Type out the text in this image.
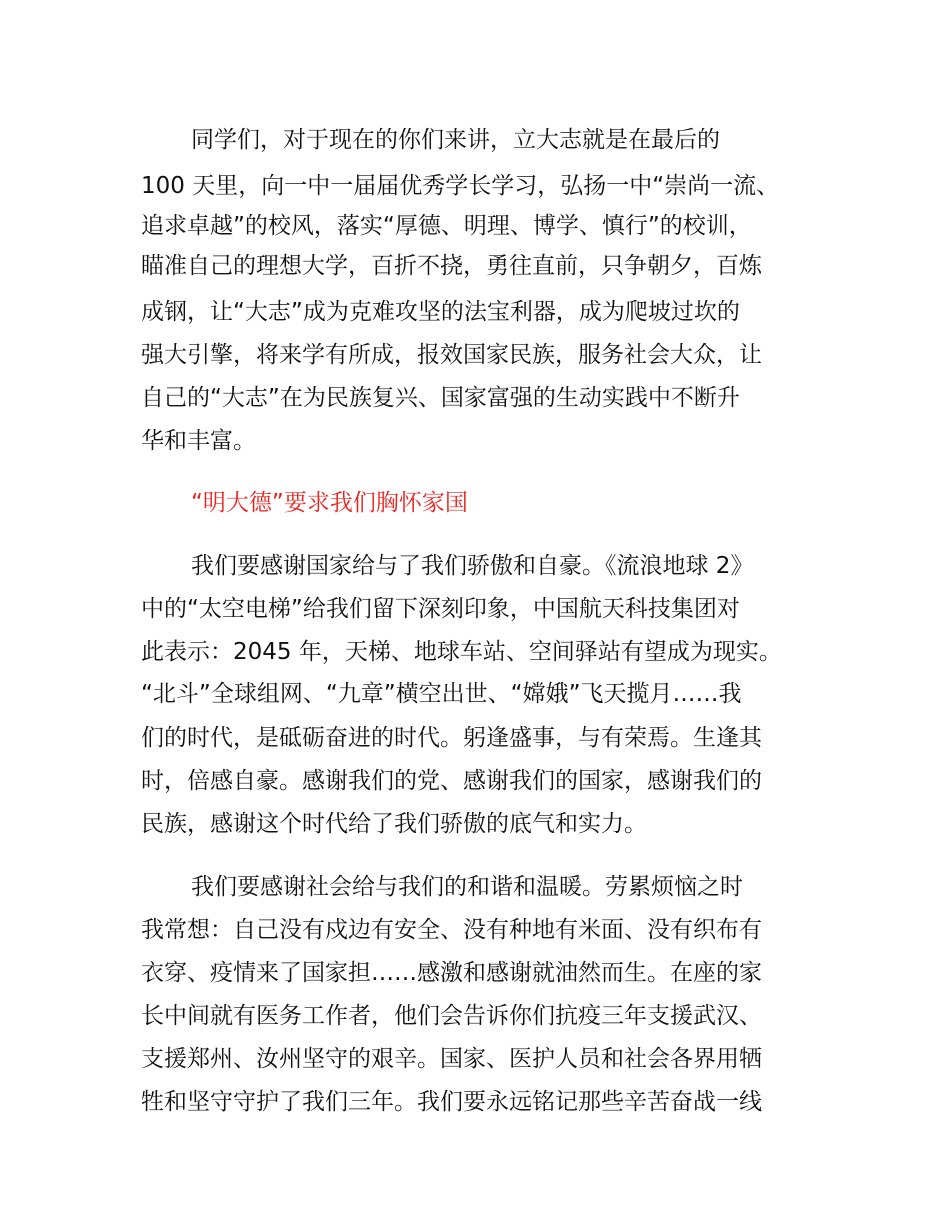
同学们，对于现在的你们来讲，立大志就是在最后的
100 天里，向一中一届届优秀学长学习，弘扬一中“崇尚一流、
追求卓越”的校风，落实“厚德、明理、博学、慎行”的校训，
瞄准自己的理想大学，百折不挠，勇往直前，只争朝夕，百炼
成钢，让“大志”成为克难攻坚的法宝利器，成为爬坡过坎的
强大引擎，将来学有所成，报效国家民族，服务社会大众，让
自己的“大志”在为民族复兴、国家富强的生动实践中不断升
华和丰富。
“明大德”要求我们胸怀家国
我们要感谢国家给与了我们骄傲和自豪。《流浪地球 2》
中的“太空电梯”给我们留下深刻印象，中国航天科技集团对
此表示：2045 年，天梯、地球车站、空间驿站有望成为现实。
“北斗”全球组网、“九章”横空出世、“嫦娥”飞天揽月……我
们的时代，是砥砺奋进的时代。躬逢盛事，与有荣焉。生逢其
时，倍感自豪。感谢我们的党、感谢我们的国家，感谢我们的
民族，感谢这个时代给了我们骄傲的底气和实力。
我们要感谢社会给与我们的和谐和温暖。劳累烦恼之时
我常想：自己没有戍边有安全、没有种地有米面、没有织布有
衣穿、疫情来了国家担……感激和感谢就油然而生。在座的家
长中间就有医务工作者，他们会告诉你们抗疫三年支援武汉、
支援郑州、汝州坚守的艰辛。国家、医护人员和社会各界用牺
牲和坚守守护了我们三年。我们要永远铭记那些辛苦奋战一线
